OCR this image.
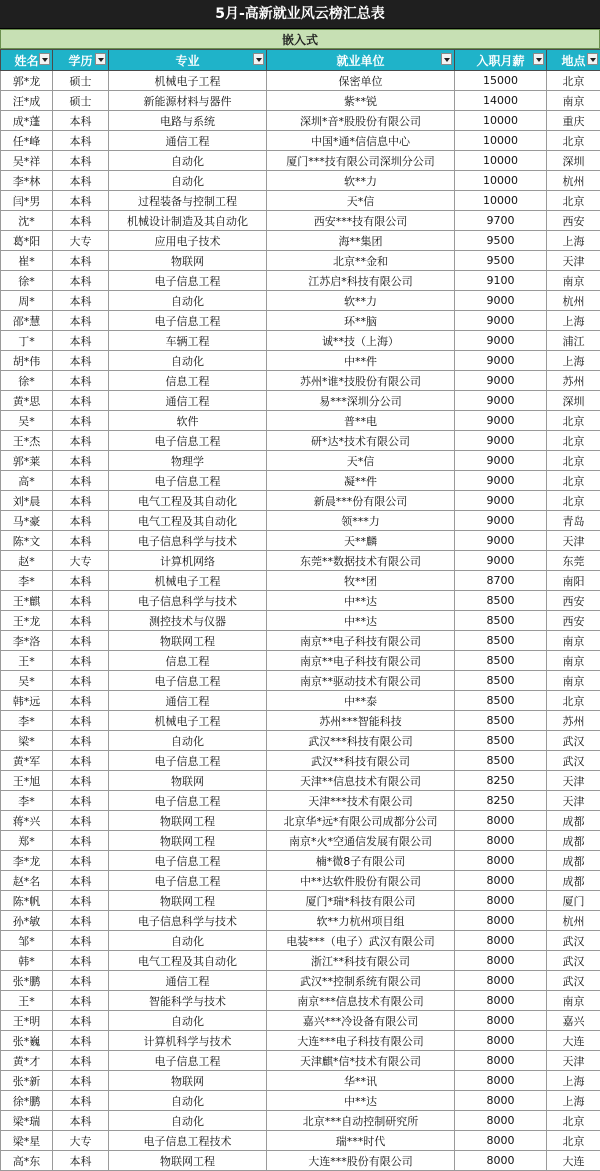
5月-高新就业风云榜汇总表
嵌入式
姓名	学历	专业	就业单位	入职月薪	地点

郭*龙	硕士	机械电子工程	保密单位	15000	北京
汪*成	硕士	新能源材料与器件	紫**锐	14000	南京
成*蓬	本科	电路与系统	深圳*音*股股份有限公司	10000	重庆
任*峰	本科	通信工程	中国*通*信信息中心	10000	北京
吴*祥	本科	自动化	厦门***技有限公司深圳分公司	10000	深圳
李*林	本科	自动化	软**力	10000	杭州
闫*男	本科	过程装备与控制工程	天*信	10000	北京
沈*	本科	机械设计制造及其自动化	西安***技有限公司	9700	西安
葛*阳	大专	应用电子技术	海**集团	9500	上海
崔*	本科	物联网	北京**金和	9500	天津
徐*	本科	电子信息工程	江苏启*科技有限公司	9100	南京
周*	本科	自动化	软**力	9000	杭州
邵*慧	本科	电子信息工程	环**脑	9000	上海
丁*	本科	车辆工程	诚**技（上海）	9000	浦江
胡*伟	本科	自动化	中**件	9000	上海
徐*	本科	信息工程	苏州*谁*技股份有限公司	9000	苏州
黄*思	本科	通信工程	易***深圳分公司	9000	深圳
吴*	本科	软件	普**电	9000	北京
王*杰	本科	电子信息工程	研*达*技术有限公司	9000	北京
郭*莱	本科	物理学	天*信	9000	北京
高*	本科	电子信息工程	凝**件	9000	北京
刘*晨	本科	电气工程及其自动化	新晨***份有限公司	9000	北京
马*豪	本科	电气工程及其自动化	领***力	9000	青岛
陈*文	本科	电子信息科学与技术	天**麟	9000	天津
赵*	大专	计算机网络	东莞**数据技术有限公司	9000	东莞
李*	本科	机械电子工程	牧**团	8700	南阳
王*麒	本科	电子信息科学与技术	中**达	8500	西安
王*龙	本科	测控技术与仪器	中**达	8500	西安
李*洛	本科	物联网工程	南京**电子科技有限公司	8500	南京
王*	本科	信息工程	南京**电子科技有限公司	8500	南京
吴*	本科	电子信息工程	南京**驱动技术有限公司	8500	南京
韩*远	本科	通信工程	中**泰	8500	北京
李*	本科	机械电子工程	苏州***智能科技	8500	苏州
梁*	本科	自动化	武汉***科技有限公司	8500	武汉
黄*军	本科	电子信息工程	武汉**科技有限公司	8500	武汉
王*旭	本科	物联网	天津**信息技术有限公司	8250	天津
李*	本科	电子信息工程	天津***技术有限公司	8250	天津
蒋*兴	本科	物联网工程	北京华*远*有限公司成都分公司	8000	成都
郑*	本科	物联网工程	南京*火*空通信发展有限公司	8000	成都
李*龙	本科	电子信息工程	楠*微8子有限公司	8000	成都
赵*名	本科	电子信息工程	中**达软件股份有限公司	8000	成都
陈*帆	本科	物联网工程	厦门*瑞*科技有限公司	8000	厦门
孙*敏	本科	电子信息科学与技术	软**力杭州项目组	8000	杭州
邹*	本科	自动化	电装***（电子）武汉有限公司	8000	武汉
韩*	本科	电气工程及其自动化	浙江**科技有限公司	8000	武汉
张*鹏	本科	通信工程	武汉**控制系统有限公司	8000	武汉
王*	本科	智能科学与技术	南京***信息技术有限公司	8000	南京
王*明	本科	自动化	嘉兴***冷设备有限公司	8000	嘉兴
张*巍	本科	计算机科学与技术	大连***电子科技有限公司	8000	大连
黄*才	本科	电子信息工程	天津麒*信*技术有限公司	8000	天津
张*新	本科	物联网	华**讯	8000	上海
徐*鹏	本科	自动化	中**达	8000	上海
梁*瑞	本科	自动化	北京***自动控制研究所	8000	北京
梁*星	大专	电子信息工程技术	瑞***时代	8000	北京
高*东	本科	物联网工程	大连***股份有限公司	8000	大连
